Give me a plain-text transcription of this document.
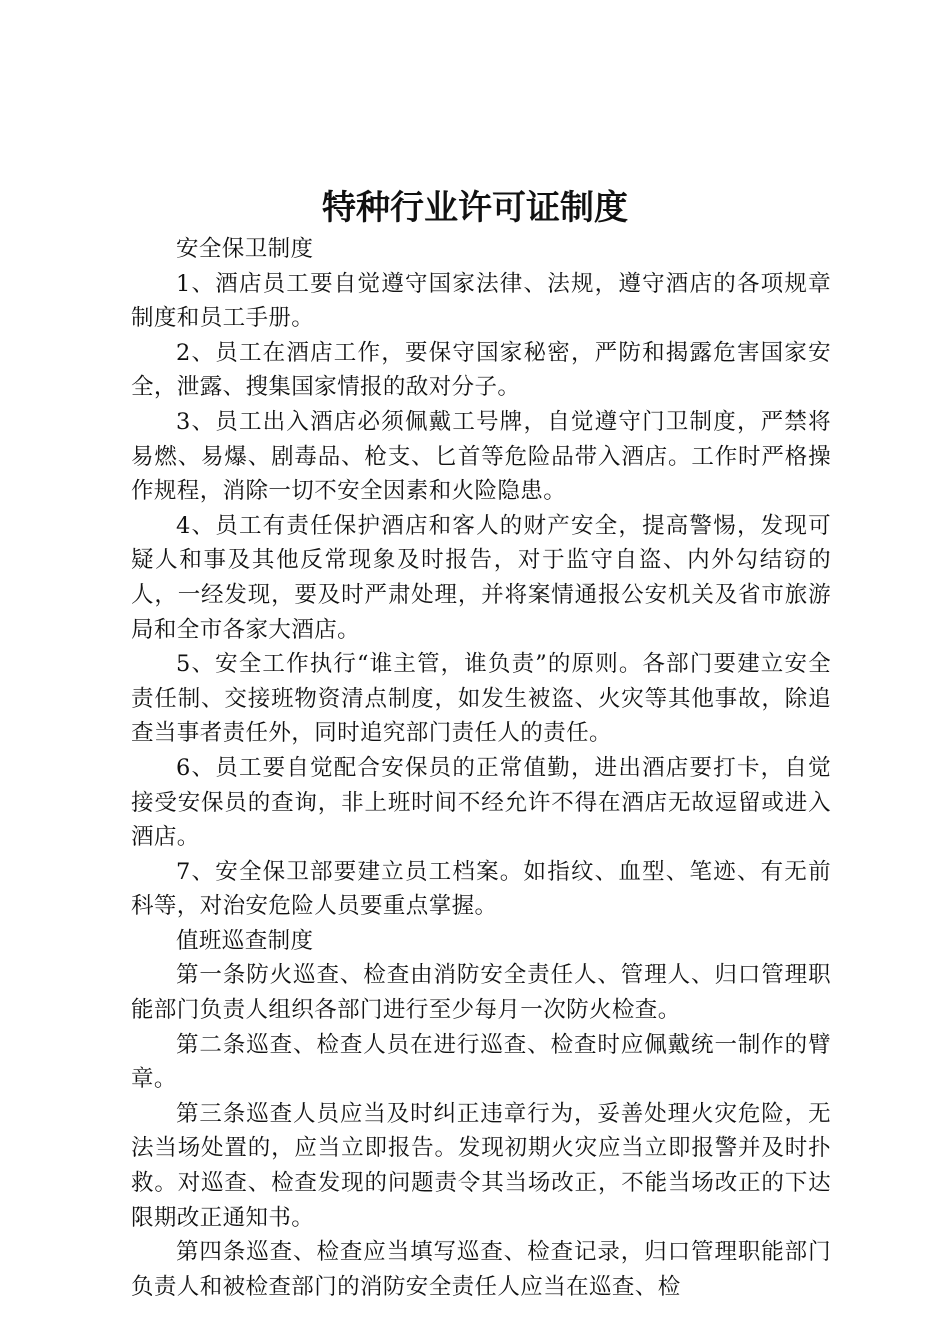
特种行业许可证制度

安全保卫制度

1、酒店员工要自觉遵守国家法律、法规，遵守酒店的各项规章制度和员工手册。

2、员工在酒店工作，要保守国家秘密，严防和揭露危害国家安全，泄露、搜集国家情报的敌对分子。

3、员工出入酒店必须佩戴工号牌，自觉遵守门卫制度，严禁将易燃、易爆、剧毒品、枪支、匕首等危险品带入酒店。工作时严格操作规程，消除一切不安全因素和火险隐患。

4、员工有责任保护酒店和客人的财产安全，提高警惕，发现可疑人和事及其他反常现象及时报告，对于监守自盗、内外勾结窃的人，一经发现，要及时严肃处理，并将案情通报公安机关及省市旅游局和全市各家大酒店。

5、安全工作执行“谁主管，谁负责”的原则。各部门要建立安全责任制、交接班物资清点制度，如发生被盗、火灾等其他事故，除追查当事者责任外，同时追究部门责任人的责任。

6、员工要自觉配合安保员的正常值勤，进出酒店要打卡，自觉接受安保员的查询，非上班时间不经允许不得在酒店无故逗留或进入酒店。

7、安全保卫部要建立员工档案。如指纹、血型、笔迹、有无前科等，对治安危险人员要重点掌握。

值班巡查制度

第一条防火巡查、检查由消防安全责任人、管理人、归口管理职能部门负责人组织各部门进行至少每月一次防火检查。

第二条巡查、检查人员在进行巡查、检查时应佩戴统一制作的臂章。

第三条巡查人员应当及时纠正违章行为，妥善处理火灾危险，无法当场处置的，应当立即报告。发现初期火灾应当立即报警并及时扑救。对巡查、检查发现的问题责令其当场改正，不能当场改正的下达限期改正通知书。

第四条巡查、检查应当填写巡查、检查记录，归口管理职能部门负责人和被检查部门的消防安全责任人应当在巡查、检
